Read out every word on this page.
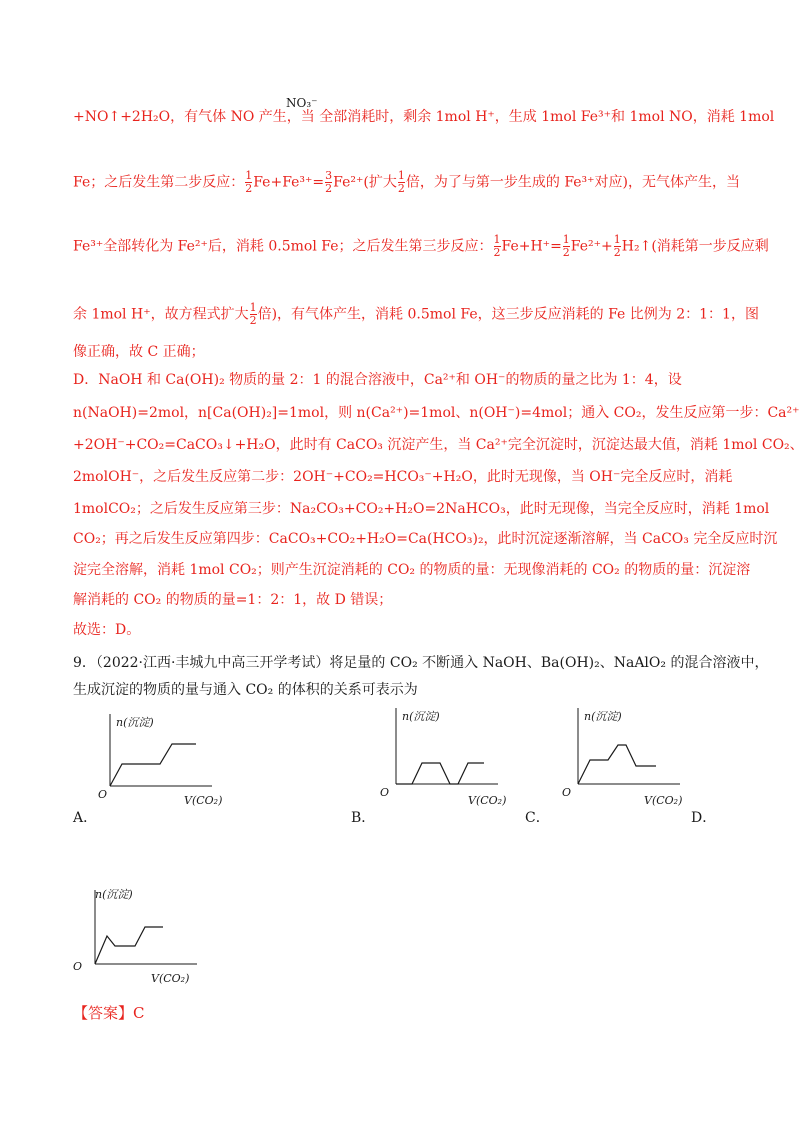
+NO↑+2H₂O，有气体 NO 产生，当 全部消耗时，剩余 1mol H⁺，生成 1mol Fe³⁺和 1mol NO，消耗 1mol
NO₃⁻
Fe；之后发生第二步反应： $\frac{1}{2} Fe+Fe^{3+}= \frac{3}{2} Fe^{2+}$(扩大 $\frac{1}{2}$ 倍，为了与第一步生成的 Fe³⁺对应)，无气体产生，当
Fe³⁺全部转化为 Fe²⁺后，消耗 0.5mol Fe；之后发生第三步反应： $\frac{1}{2} Fe+H^+= \frac{1}{2} Fe^{2+}+ \frac{1}{2}$ H₂↑(消耗第一步反应剩
余 1mol H⁺，故方程式扩大 $\frac{1}{2}$ 倍)，有气体产生，消耗 0.5mol Fe，这三步反应消耗的 Fe 比例为 2：1：1，图
像正确，故 C 正确；
D．NaOH 和 Ca(OH)₂ 物质的量 2：1 的混合溶液中，Ca²⁺和 OH⁻的物质的量之比为 1：4，设
n(NaOH)=2mol，n[Ca(OH)₂]=1mol，则 n(Ca²⁺)=1mol、n(OH⁻)=4mol；通入 CO₂，发生反应第一步：Ca²⁺
+2OH⁻+CO₂=CaCO₃↓+H₂O，此时有 CaCO₃ 沉淀产生，当 Ca²⁺完全沉淀时，沉淀达最大值，消耗 1mol CO₂、
2molOH⁻，之后发生反应第二步：2OH⁻+CO₂=HCO₃⁻+H₂O，此时无现像，当 OH⁻完全反应时，消耗
1molCO₂；之后发生反应第三步：Na₂CO₃+CO₂+H₂O=2NaHCO₃，此时无现像，当完全反应时，消耗 1mol
CO₂；再之后发生反应第四步：CaCO₃+CO₂+H₂O=Ca(HCO₃)₂，此时沉淀逐渐溶解，当 CaCO₃ 完全反应时沉
淀完全溶解，消耗 1mol CO₂；则产生沉淀消耗的 CO₂ 的物质的量：无现像消耗的 CO₂ 的物质的量：沉淀溶
解消耗的 CO₂ 的物质的量=1：2：1，故 D 错误；
故选：D。
9．（2022·江西·丰城九中高三开学考试）将足量的 CO₂ 不断通入 NaOH、Ba(OH)₂、NaAlO₂ 的混合溶液中，
生成沉淀的物质的量与通入 CO₂ 的体积的关系可表示为
n(沉淀)
O	V(CO₂)
A．
n(沉淀)
O
V(CO₂)
B．
n(沉淀)
O
V(CO₂)
C．	D．
n(沉淀)
O
V(CO₂)
【答案】C
